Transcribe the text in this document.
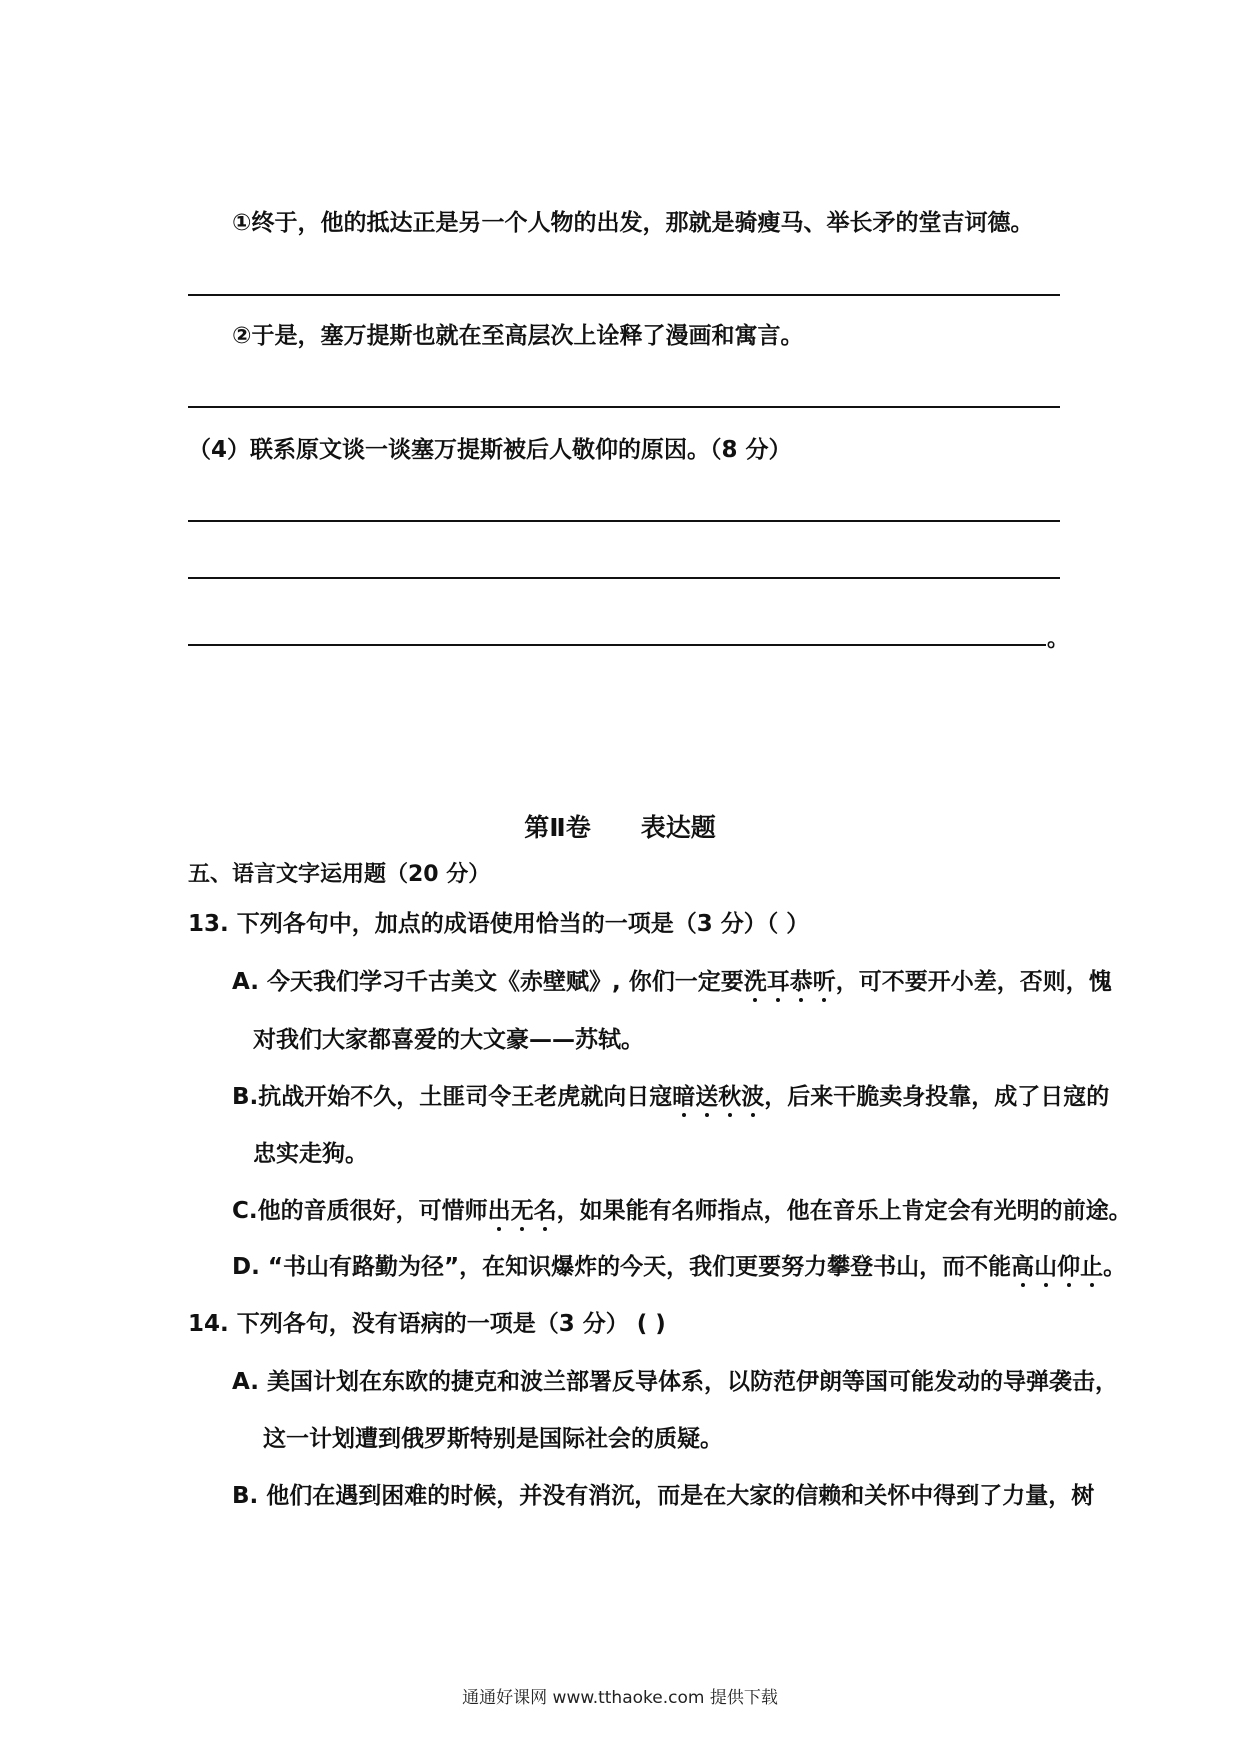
①终于，他的抵达正是另一个人物的出发，那就是骑瘦马、举长矛的堂吉诃德。
②于是，塞万提斯也就在至高层次上诠释了漫画和寓言。
（4）联系原文谈一谈塞万提斯被后人敬仰的原因。（8 分）
。
第Ⅱ卷 表达题
五、语言文字运用题（20 分）
13. 下列各句中，加点的成语使用恰当的一项是（3 分）（ ）
A. 今天我们学习千古美文《赤壁赋》, 你们一定要洗耳恭听，可不要开小差，否则，愧
对我们大家都喜爱的大文豪——苏轼。
B.抗战开始不久，土匪司令王老虎就向日寇暗送秋波，后来干脆卖身投靠，成了日寇的
忠实走狗。
C.他的音质很好，可惜师出无名，如果能有名师指点，他在音乐上肯定会有光明的前途。
D. “书山有路勤为径”，在知识爆炸的今天，我们更要努力攀登书山，而不能高山仰止。
14. 下列各句，没有语病的一项是（3 分） ( )
A. 美国计划在东欧的捷克和波兰部署反导体系，以防范伊朗等国可能发动的导弹袭击，
这一计划遭到俄罗斯特别是国际社会的质疑。
B. 他们在遇到困难的时候，并没有消沉，而是在大家的信赖和关怀中得到了力量，树
通通好课网 www.tthaoke.com 提供下载
